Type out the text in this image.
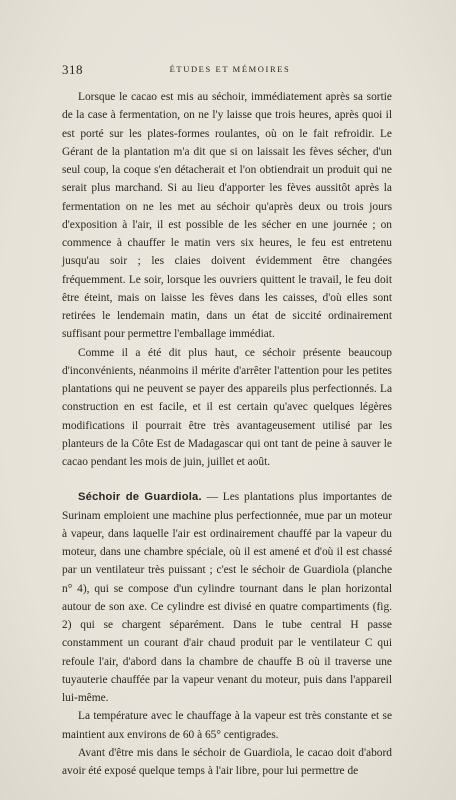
318	ÉTUDES ET MÉMOIRES

Lorsque le cacao est mis au séchoir, immédiatement après sa sortie de la case à fermentation, on ne l'y laisse que trois heures, après quoi il est porté sur les plates-formes roulantes, où on le fait refroidir. Le Gérant de la plantation m'a dit que si on laissait les fèves sécher, d'un seul coup, la coque s'en détacherait et l'on obtiendrait un produit qui ne serait plus marchand. Si au lieu d'apporter les fèves aussitôt après la fermentation on ne les met au séchoir qu'après deux ou trois jours d'exposition à l'air, il est possible de les sécher en une journée ; on commence à chauffer le matin vers six heures, le feu est entretenu jusqu'au soir ; les claies doivent évidemment être changées fréquemment. Le soir, lorsque les ouvriers quittent le travail, le feu doit être éteint, mais on laisse les fèves dans les caisses, d'où elles sont retirées le lendemain matin, dans un état de siccité ordinairement suffisant pour permettre l'emballage immédiat.

Comme il a été dit plus haut, ce séchoir présente beaucoup d'inconvénients, néanmoins il mérite d'arrêter l'attention pour les petites plantations qui ne peuvent se payer des appareils plus perfectionnés. La construction en est facile, et il est certain qu'avec quelques légères modifications il pourrait être très avantageusement utilisé par les planteurs de la Côte Est de Madagascar qui ont tant de peine à sauver le cacao pendant les mois de juin, juillet et août.

Séchoir de Guardiola. — Les plantations plus importantes de Surinam emploient une machine plus perfectionnée, mue par un moteur à vapeur, dans laquelle l'air est ordinairement chauffé par la vapeur du moteur, dans une chambre spéciale, où il est amené et d'où il est chassé par un ventilateur très puissant ; c'est le séchoir de Guardiola (planche n° 4), qui se compose d'un cylindre tournant dans le plan horizontal autour de son axe. Ce cylindre est divisé en quatre compartiments (fig. 2) qui se chargent séparément. Dans le tube central H passe constamment un courant d'air chaud produit par le ventilateur C qui refoule l'air, d'abord dans la chambre de chauffe B où il traverse une tuyauterie chauffée par la vapeur venant du moteur, puis dans l'appareil lui-même.

La température avec le chauffage à la vapeur est très constante et se maintient aux environs de 60 à 65° centigrades.

Avant d'être mis dans le séchoir de Guardiola, le cacao doit d'abord avoir été exposé quelque temps à l'air libre, pour lui permettre de
